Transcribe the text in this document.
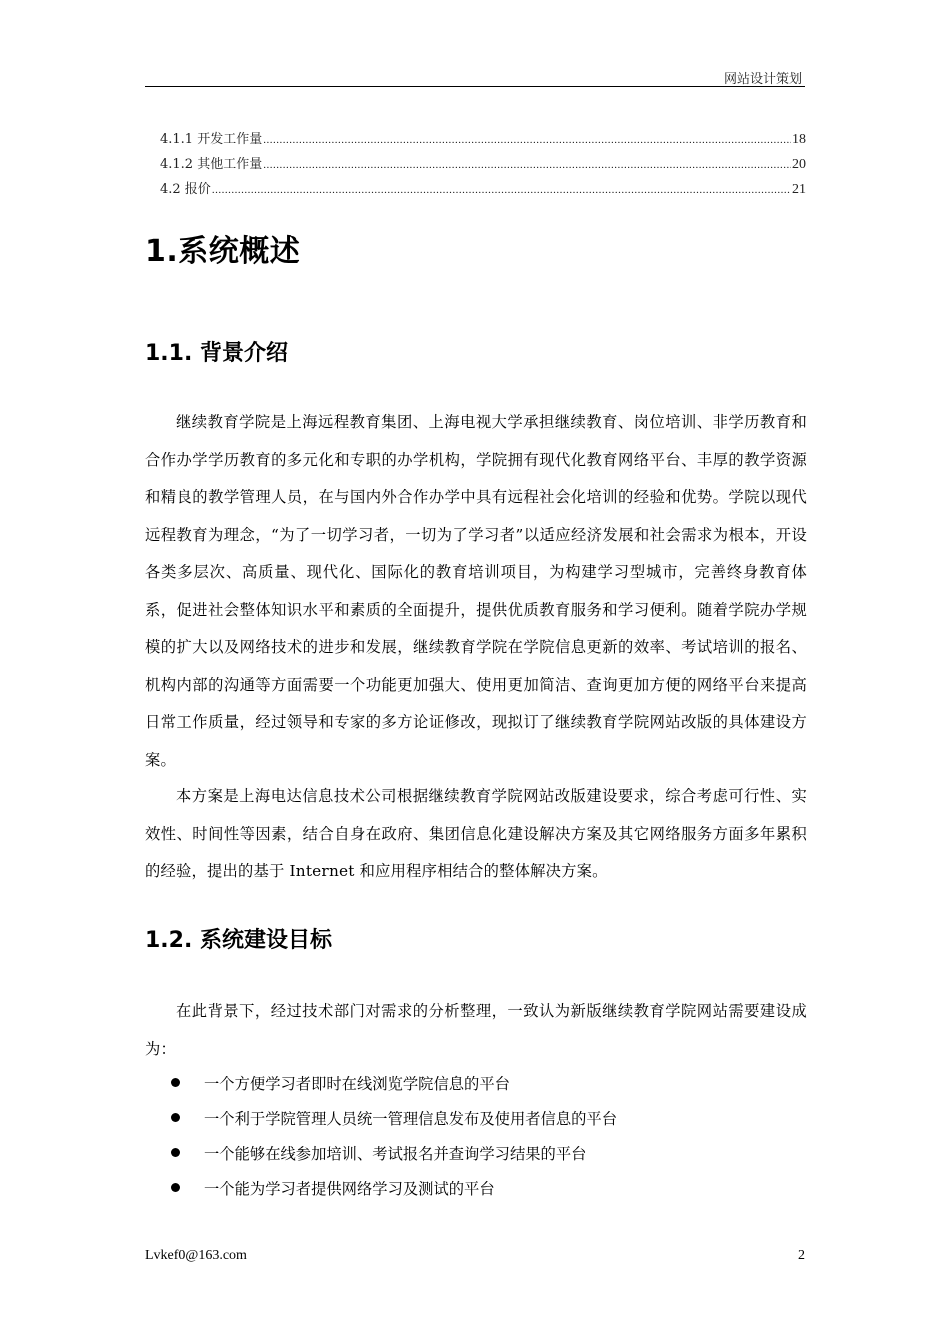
网站设计策划
4.1.1 开发工作量 .....	18
4.1.2 其他工作量 .....	20
4.2 报价 .....	21
1.系统概述
1.1. 背景介绍

继续教育学院是上海远程教育集团、上海电视大学承担继续教育、岗位培训、非学历教育和合作办学学历教育的多元化和专职的办学机构，学院拥有现代化教育网络平台、丰厚的教学资源和精良的教学管理人员，在与国内外合作办学中具有远程社会化培训的经验和优势。学院以现代远程教育为理念，“为了一切学习者，一切为了学习者”以适应经济发展和社会需求为根本，开设各类多层次、高质量、现代化、国际化的教育培训项目，为构建学习型城市，完善终身教育体系，促进社会整体知识水平和素质的全面提升，提供优质教育服务和学习便利。随着学院办学规模的扩大以及网络技术的进步和发展，继续教育学院在学院信息更新的效率、考试培训的报名、机构内部的沟通等方面需要一个功能更加强大、使用更加简洁、查询更加方便的网络平台来提高日常工作质量，经过领导和专家的多方论证修改，现拟订了继续教育学院网站改版的具体建设方案。

本方案是上海电达信息技术公司根据继续教育学院网站改版建设要求，综合考虑可行性、实效性、时间性等因素，结合自身在政府、集团信息化建设解决方案及其它网络服务方面多年累积的经验，提出的基于 Internet 和应用程序相结合的整体解决方案。

1.2. 系统建设目标

在此背景下，经过技术部门对需求的分析整理，一致认为新版继续教育学院网站需要建设成为：

一个方便学习者即时在线浏览学院信息的平台
一个利于学院管理人员统一管理信息发布及使用者信息的平台
一个能够在线参加培训、考试报名并查询学习结果的平台
一个能为学习者提供网络学习及测试的平台
Lvkef0@163.com	2
